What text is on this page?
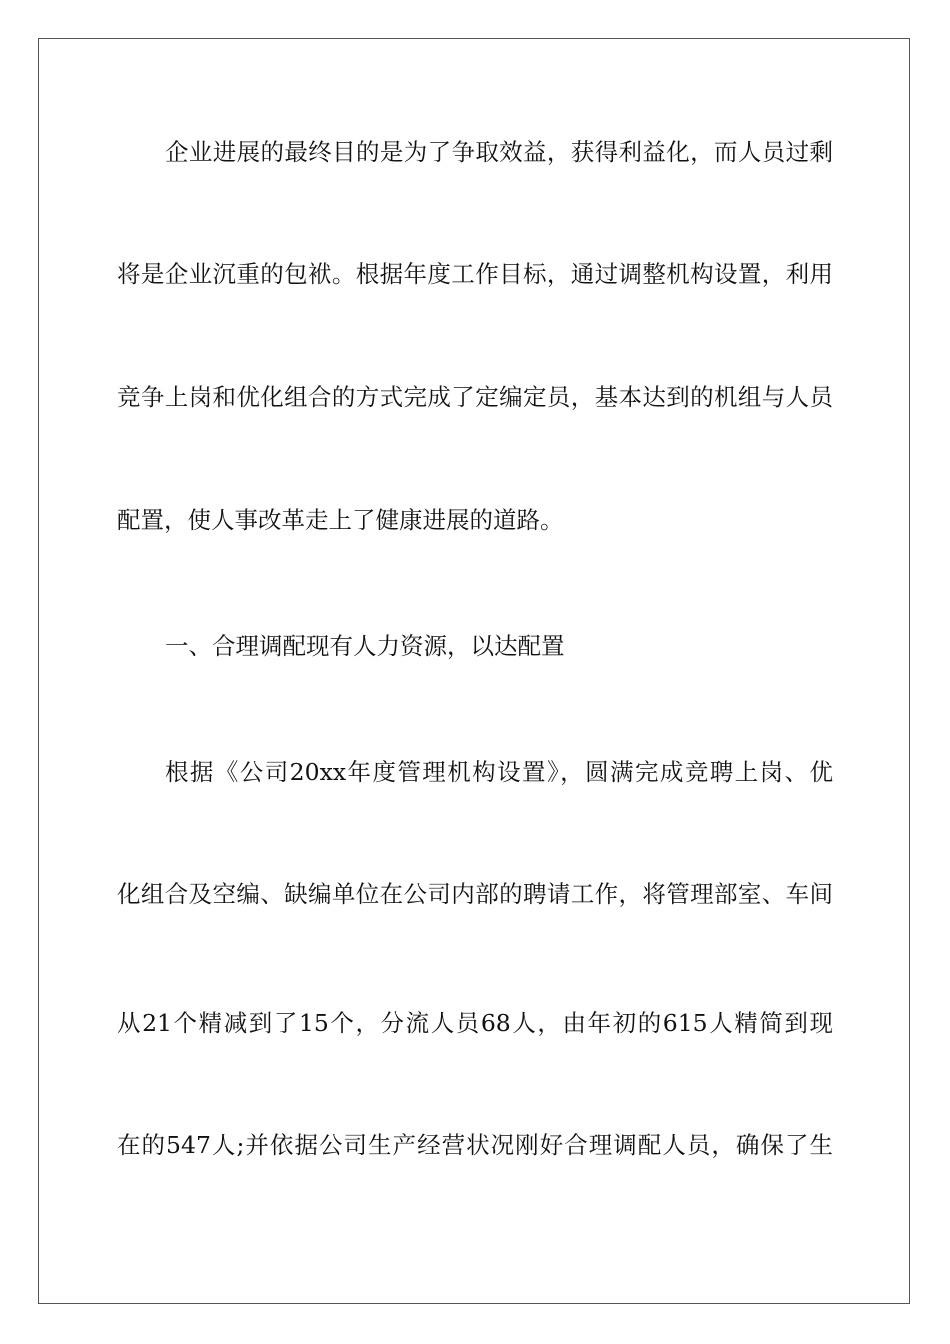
企业进展的最终目的是为了争取效益，获得利益化，而人员过剩
将是企业沉重的包袱。根据年度工作目标，通过调整机构设置，利用
竞争上岗和优化组合的方式完成了定编定员，基本达到的机组与人员
配置，使人事改革走上了健康进展的道路。
一、合理调配现有人力资源，以达配置
根据《公司20xx年度管理机构设置》，圆满完成竞聘上岗、优
化组合及空编、缺编单位在公司内部的聘请工作，将管理部室、车间
从21个精减到了15个，分流人员68人，由年初的615人精简到现
在的547人;并依据公司生产经营状况刚好合理调配人员，确保了生
